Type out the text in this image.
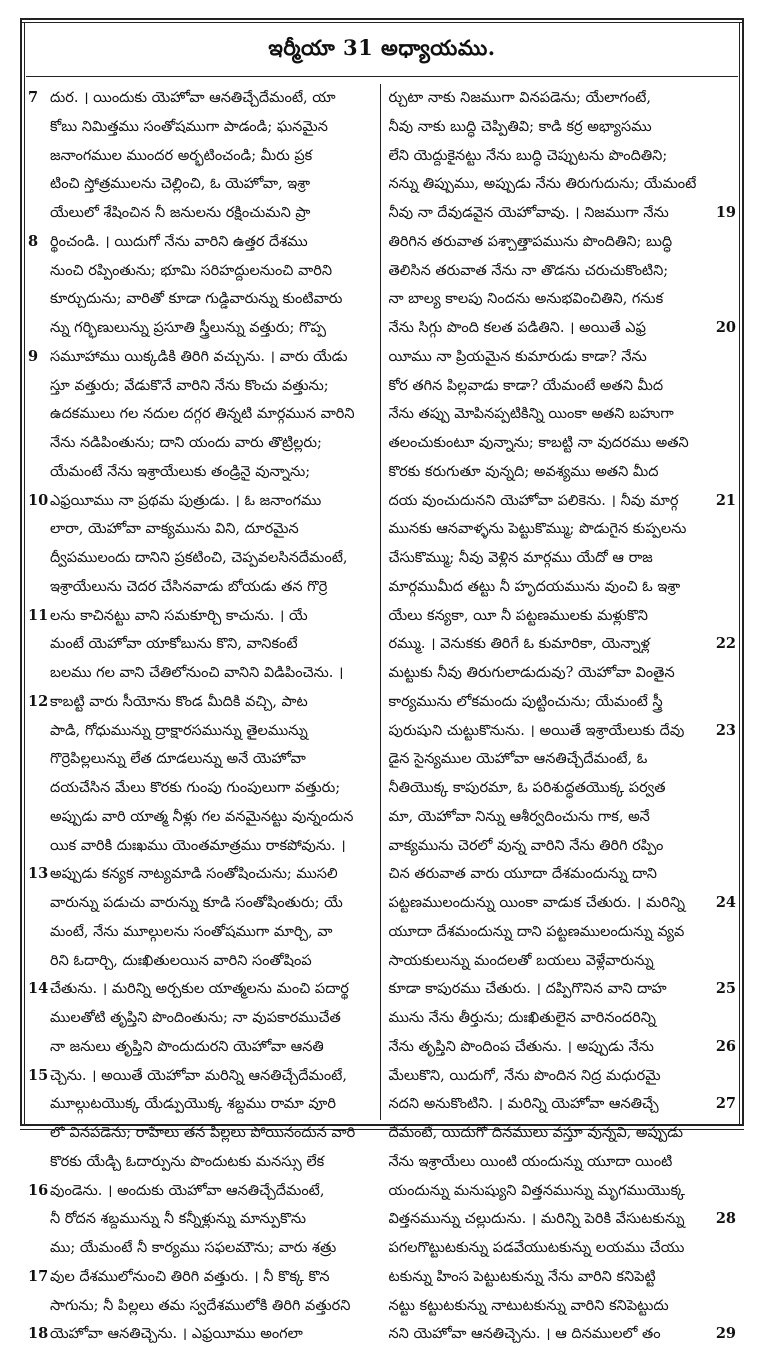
ఇర్మీయా 31 అధ్యాయము.
7 దుర. । యిందుకు యెహోవా ఆనతిచ్చేదేమంటే, యా
కోబు నిమిత్తము సంతోషముగా పాడండి; ఘనమైన
జనాంగముల ముందర అర్భటించండి; మీరు ప్రక
టించి స్తోత్రములను చెల్లించి, ఓ యెహోవా, ఇశ్రా
యేలులో శేషించిన నీ జనులను రక్షించుమని ప్రా
8 ర్థించండి. । యిదుగో నేను వారిని ఉత్తర దేశము
నుంచి రప్పింతును; భూమి సరిహద్దులనుంచి వారిని
కూర్చుదును; వారితో కూడా గుడ్డివారున్ను కుంటివారు
న్ను గర్భిణులున్ను ప్రసూతి స్త్రీలున్ను వత్తురు; గొప్ప
9 సమూహాము యిక్కడికి తిరిగి వచ్చును. । వారు యేడు
స్తూ వత్తురు; వేడుకొనే వారిని నేను కొంచు వత్తును;
ఉదకములు గల నదుల దగ్గర తిన్నటి మార్గమున వారిని
నేను నడిపింతును; దాని యందు వారు తొట్రిల్లరు;
యేమంటే నేను ఇశ్రాయేలుకు తండ్రినై వున్నాను;
10 ఎఫ్రయీము నా ప్రథమ పుత్రుడు. । ఓ జనాంగము
లారా, యెహోవా వాక్యమును విని, దూరమైన
ద్వీపములందు దానిని ప్రకటించి, చెప్పవలసినదేమంటే,
ఇశ్రాయేలును చెదర చేసినవాడు బోయడు తన గొర్రె
11 లను కాచినట్టు వాని సమకూర్చి కాచును. । యే
మంటే యెహోవా యాకోబును కొని, వానికంటే
బలము గల వాని చేతిలోనుంచి వానిని విడిపించెను. ।
12 కాబట్టి వారు సీయోను కొండ మీదికి వచ్చి, పాట
పాడి, గోధుమున్ను ద్రాక్షారసమున్ను తైలమున్ను
గొర్రెపిల్లలున్ను లేత దూడలున్ను అనే యెహోవా
దయచేసిన మేలు కొరకు గుంపు గుంపులుగా వత్తురు;
అప్పుడు వారి యాత్మ నీళ్లు గల వనమైనట్టు వున్నందున
యిక వారికి దుఃఖము యెంతమాత్రము రాకపోవును. ।
13 అప్పుడు కన్యక నాట్యమాడి సంతోషించును; ముసలి
వారున్ను పడుచు వారున్ను కూడి సంతోషింతురు; యే
మంటే, నేను మూల్గులను సంతోషముగా మార్చి, వా
రిని ఓదార్చి, దుఃఖితులయిన వారిని సంతోషింప
14 చేతును. । మరిన్ని అర్చకుల యాత్మలను మంచి పదార్థ
ములతోటి తృప్తిని పొందింతును; నా వుపకారముచేత
నా జనులు తృప్తిని పొందుదురని యెహోవా ఆనతి
15 చ్చెను. । అయితే యెహోవా మరిన్ని ఆనతిచ్చేదేమంటే,
మూల్గుటయొక్క యేడ్పుయొక్క శబ్దము రామా వూరి
లో వినపడెను; రాహేలు తన పిల్లలు పోయినందున వారి
కొరకు యేడ్చి ఓదార్పును పొందుటకు మనస్సు లేక
16 వుండెను. । అందుకు యెహోవా ఆనతిచ్చేదేమంటే,
నీ రోదన శబ్దమున్ను నీ కన్నీళ్లున్ను మాన్పుకొను
ము; యేమంటే నీ కార్యము సఫలమౌను; వారు శత్రు
17 వుల దేశములోనుంచి తిరిగి వత్తురు. । నీ కొక్క కొన
సాగును; నీ పిల్లలు తమ స్వదేశములోకి తిరిగి వత్తురని
18 యెహోవా ఆనతిచ్చెను. । ఎఫ్రయీము అంగలా
ర్చుటా నాకు నిజముగా వినపడెను; యేలాగంటే,
నీవు నాకు బుద్ధి చెప్పితివి; కాడి కర్ర అభ్యాసము
లేని యెద్దుకైనట్టు నేను బుద్ధి చెప్పుటను పొందితిని;
నన్ను తిప్పుము, అప్పుడు నేను తిరుగుదును; యేమంటే
19
నీవు నా దేవుడవైన యెహోవావు. । నిజముగా నేను
తిరిగిన తరువాత పశ్చాత్తాపమును పొందితిని; బుద్ధి
తెలిసిన తరువాత నేను నా తొడను చరుచుకొంటిని;
నా బాల్య కాలపు నిందను అనుభవించితిని, గనుక
20
నేను సిగ్గు పొంది కలత పడితిని. । అయితే ఎఫ్ర
యీము నా ప్రియమైన కుమారుడు కాడా? నేను
కోర తగిన పిల్లవాడు కాడా? యేమంటే అతని మీద
నేను తప్పు మోపినప్పటికిన్ని యింకా అతని బహుగా
తలంచుకుంటూ వున్నాను; కాబట్టి నా వుదరము అతని
కొరకు కరుగుతూ వున్నది; అవశ్యము అతని మీద
21
దయ వుంచుదునని యెహోవా పలికెను. । నీవు మార్గ
మునకు ఆనవాళ్ళను పెట్టుకొమ్ము; పొడుగైన కుప్పలను
చేసుకొమ్ము; నీవు వెళ్లిన మార్గము యేదో ఆ రాజ
మార్గముమీద తట్టు నీ హృదయమును వుంచి ఓ ఇశ్రా
యేలు కన్యకా, యీ నీ పట్టణములకు మళ్లుకొని
22
రమ్ము. । వెనుకకు తిరిగే ఓ కుమారికా, యెన్నాళ్ల
మట్టుకు నీవు తిరుగులాడుదువు? యెహోవా వింతైన
కార్యమును లోకమందు పుట్టించును; యేమంటే స్త్రీ
23
పురుషుని చుట్టుకొనును. । అయితే ఇశ్రాయేలుకు దేవు
డైన సైన్యముల యెహోవా ఆనతిచ్చేదేమంటే, ఓ
నీతియొక్క కాపురమా, ఓ పరిశుద్ధతయొక్క పర్వత
మా, యెహోవా నిన్ను ఆశీర్వదించును గాక, అనే
వాక్యమును చెరలో వున్న వారిని నేను తిరిగి రప్పిం
చిన తరువాత వారు యూదా దేశమందున్ను దాని
24
పట్టణములందున్ను యింకా వాడుక చేతురు. । మరిన్ని
యూదా దేశమందున్ను దాని పట్టణములందున్ను వ్యవ
సాయకులున్ను మందలతో బయలు వెళ్లేవారున్ను
25
కూడా కాపురము చేతురు. । దప్పిగొనిన వాని దాహ
మును నేను తీర్తును; దుఃఖితులైన వారినందరిన్ని
26
నేను తృప్తిని పొందింప చేతును. । అప్పుడు నేను
మేలుకొని, యిదుగో, నేను పొందిన నిద్ర మధురమై
27
నదని అనుకొంటిని. । మరిన్ని యెహోవా ఆనతిచ్చే
దేమంటే, యిదుగో దినములు వస్తూ వున్నవి, అప్పుడు
నేను ఇశ్రాయేలు యింటి యందున్ను యూదా యింటి
యందున్ను మనుష్యుని విత్తనమున్ను మృగముయొక్క
28
విత్తనమున్ను చల్లుదును. । మరిన్ని పెరికి వేసుటకున్ను
పగలగొట్టుటకున్ను పడవేయుటకున్ను లయము చేయు
టకున్ను హింస పెట్టుటకున్ను నేను వారిని కనిపెట్టి
నట్టు కట్టుటకున్ను నాటుటకున్ను వారిని కనిపెట్టుదు
29
నని యెహోవా ఆనతిచ్చెను. । ఆ దినములలో తం
